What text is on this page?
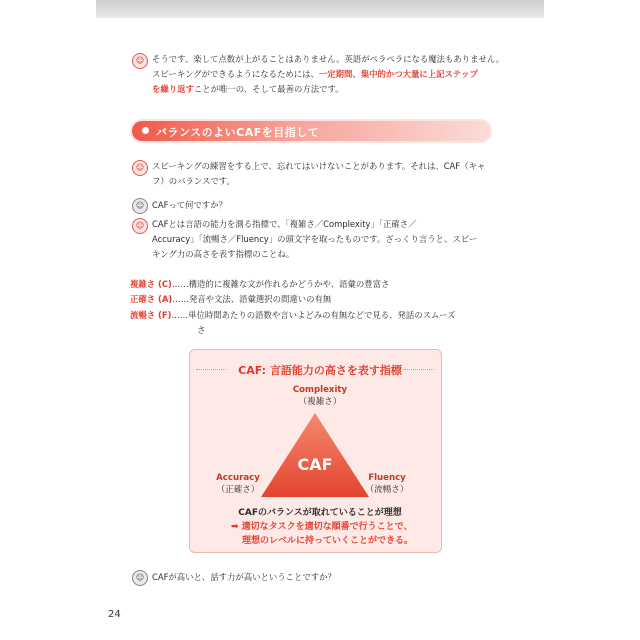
☺ そうです。楽して点数が上がることはありません。英語がペラペラになる魔法もありません。
スピーキングができるようになるためには、一定期間、集中的かつ大量に上記ステップ
を繰り返すことが唯一の、そして最善の方法です。
バランスのよいCAFを目指して
☺ スピーキングの練習をする上で、忘れてはいけないことがあります。それは、CAF（キャ
フ）のバランスです。
☺ CAFって何ですか？
☺ CAFとは言語の能力を測る指標で、「複雑さ／Complexity」「正確さ／
Accuracy」「流暢さ／Fluency」の頭文字を取ったものです。ざっくり言うと、スピー
キング力の高さを表す指標のことね。
複雑さ (C)……構造的に複雑な文が作れるかどうかや、語彙の豊富さ
正確さ (A)……発音や文法、語彙選択の間違いの有無
流暢さ (F)……単位時間あたりの語数や言いよどみの有無などで見る、発話のスムーズ
さ
CAF: 言語能力の高さを表す指標
Complexity
（複雑さ）
CAF
Accuracy
（正確さ）
Fluency
（流暢さ）
CAFのバランスが取れていることが理想
➡ 適切なタスクを適切な順番で行うことで、
理想のレベルに持っていくことができる。
☺ CAFが高いと、話す力が高いということですか？
24
